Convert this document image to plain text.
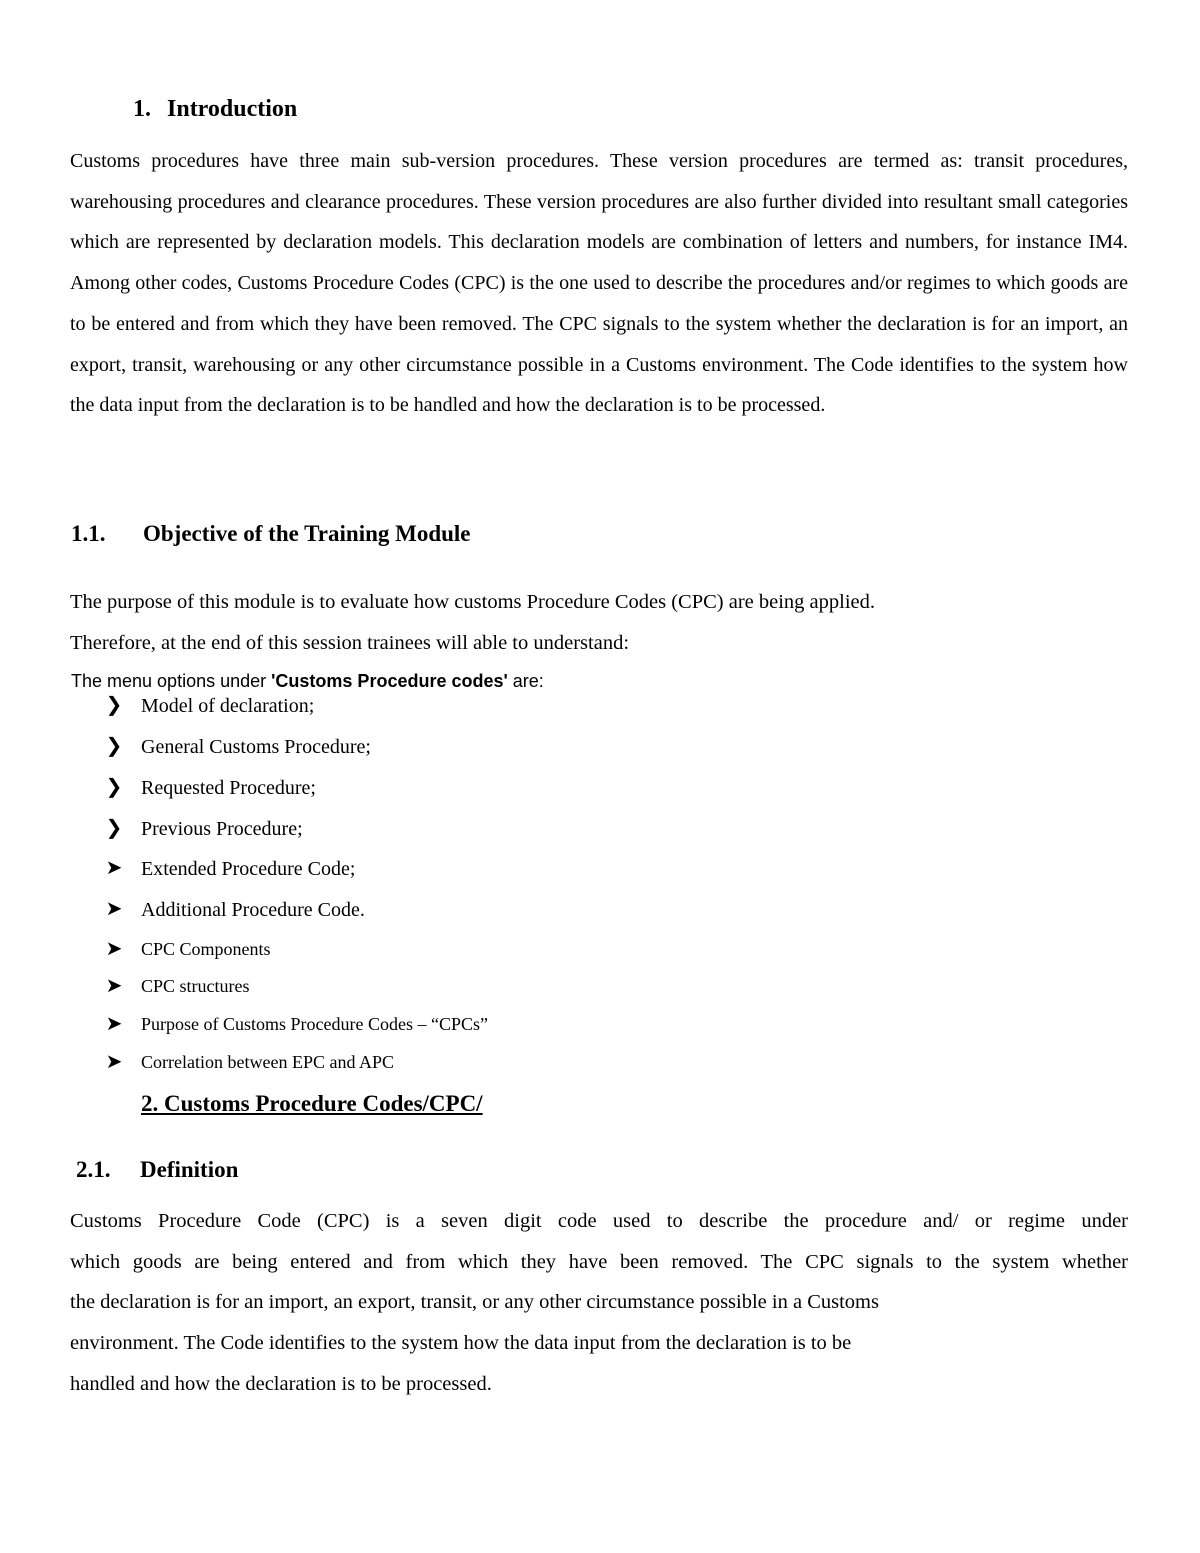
1. Introduction
Customs procedures have three main sub-version procedures. These version procedures are termed as: transit procedures, warehousing procedures and clearance procedures. These version procedures are also further divided into resultant small categories which are represented by declaration models. This declaration models are combination of letters and numbers, for instance IM4. Among other codes, Customs Procedure Codes (CPC) is the one used to describe the procedures and/or regimes to which goods are to be entered and from which they have been removed. The CPC signals to the system whether the declaration is for an import, an export, transit, warehousing or any other circumstance possible in a Customs environment. The Code identifies to the system how the data input from the declaration is to be handled and how the declaration is to be processed.
1.1. Objective of the Training Module
The purpose of this module is to evaluate how customs Procedure Codes (CPC) are being applied.
Therefore, at the end of this session trainees will able to understand:
The menu options under 'Customs Procedure codes' are:
❯ Model of declaration;
❯ General Customs Procedure;
❯ Requested Procedure;
❯ Previous Procedure;
➤ Extended Procedure Code;
➤ Additional Procedure Code.
➤ CPC Components
➤ CPC structures
➤ Purpose of Customs Procedure Codes – “CPCs”
➤ Correlation between EPC and APC
2. Customs Procedure Codes/CPC/
2.1. Definition
Customs Procedure Code (CPC) is a seven digit code used to describe the procedure and/ or regime under
which goods are being entered and from which they have been removed. The CPC signals to the system whether
the declaration is for an import, an export, transit, or any other circumstance possible in a Customs
environment. The Code identifies to the system how the data input from the declaration is to be
handled and how the declaration is to be processed.
